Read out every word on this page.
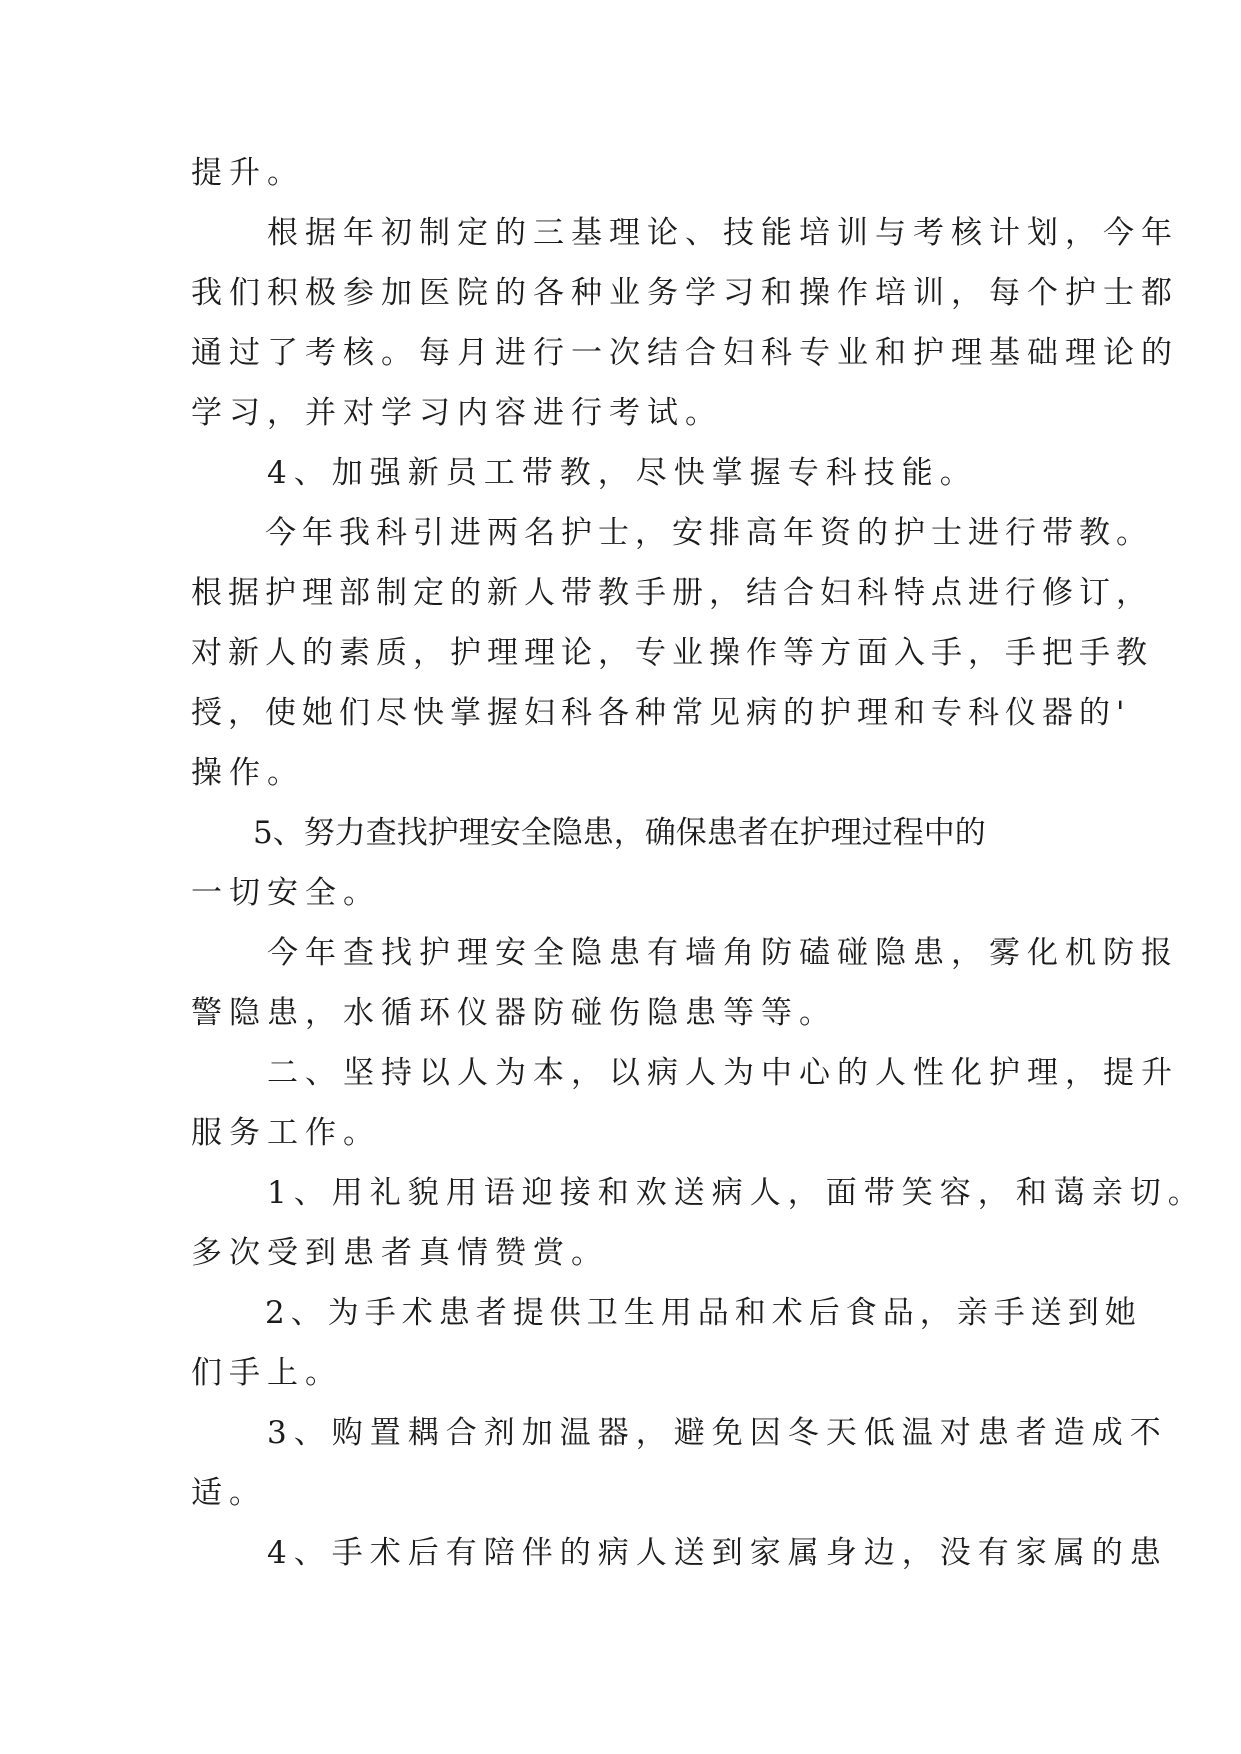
提升。
　　根据年初制定的三基理论、技能培训与考核计划，今年
我们积极参加医院的各种业务学习和操作培训，每个护士都
通过了考核。每月进行一次结合妇科专业和护理基础理论的
学习，并对学习内容进行考试。
　　4、加强新员工带教，尽快掌握专科技能。
　　今年我科引进两名护士，安排高年资的护士进行带教。
根据护理部制定的新人带教手册，结合妇科特点进行修订，
对新人的素质，护理理论，专业操作等方面入手，手把手教
授，使她们尽快掌握妇科各种常见病的护理和专科仪器的'
操作。
　　5、努力查找护理安全隐患，确保患者在护理过程中的
一切安全。
　　今年查找护理安全隐患有墙角防磕碰隐患，雾化机防报
警隐患，水循环仪器防碰伤隐患等等。
　　二、坚持以人为本，以病人为中心的人性化护理，提升
服务工作。
　　1、用礼貌用语迎接和欢送病人，面带笑容，和蔼亲切。
多次受到患者真情赞赏。
　　2、为手术患者提供卫生用品和术后食品，亲手送到她
们手上。
　　3、购置耦合剂加温器，避免因冬天低温对患者造成不
适。
　　4、手术后有陪伴的病人送到家属身边，没有家属的患
